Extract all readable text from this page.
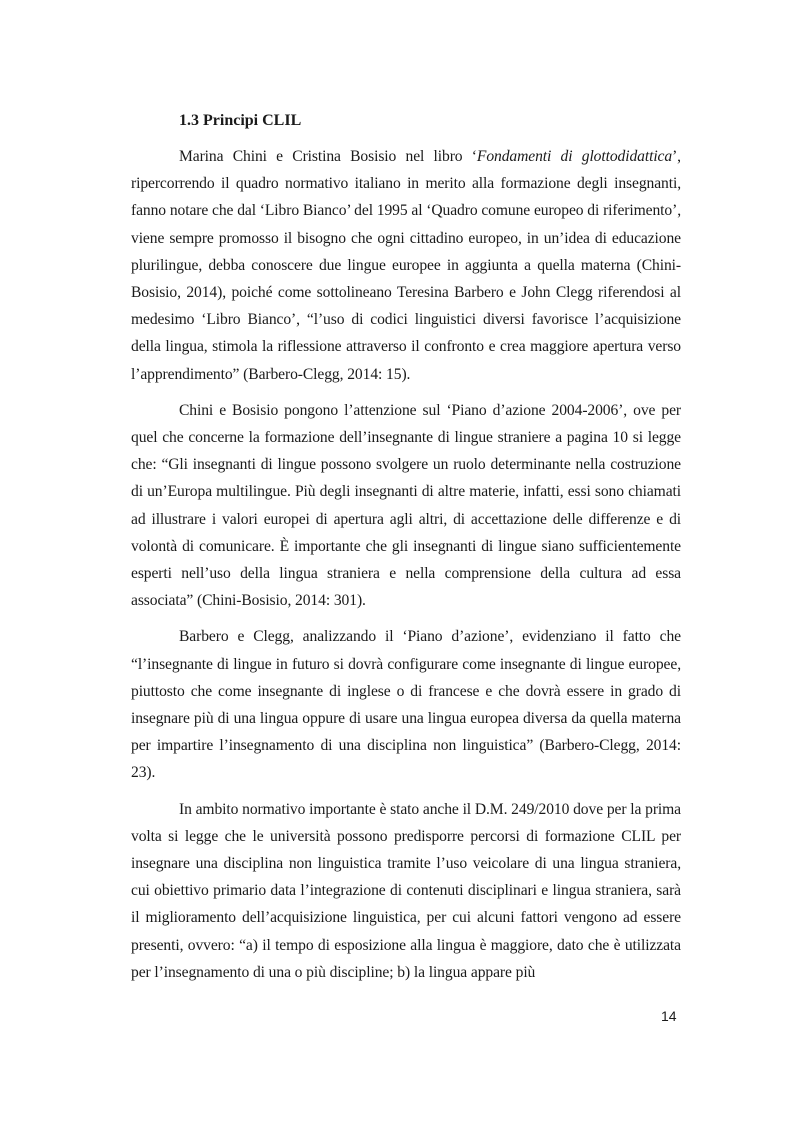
1.3 Principi CLIL

Marina Chini e Cristina Bosisio nel libro ‘Fondamenti di glottodidattica’, ripercorrendo il quadro normativo italiano in merito alla formazione degli insegnanti, fanno notare che dal ‘Libro Bianco’ del 1995 al ‘Quadro comune europeo di riferimento’, viene sempre promosso il bisogno che ogni cittadino europeo, in un’idea di educazione plurilingue, debba conoscere due lingue europee in aggiunta a quella materna (Chini-Bosisio, 2014), poiché come sottolineano Teresina Barbero e John Clegg riferendosi al medesimo ‘Libro Bianco’, “l’uso di codici linguistici diversi favorisce l’acquisizione della lingua, stimola la riflessione attraverso il confronto e crea maggiore apertura verso l’apprendimento” (Barbero-Clegg, 2014: 15).

Chini e Bosisio pongono l’attenzione sul ‘Piano d’azione 2004-2006’, ove per quel che concerne la formazione dell’insegnante di lingue straniere a pagina 10 si legge che: “Gli insegnanti di lingue possono svolgere un ruolo determinante nella costruzione di un’Europa multilingue. Più degli insegnanti di altre materie, infatti, essi sono chiamati ad illustrare i valori europei di apertura agli altri, di accettazione delle differenze e di volontà di comunicare. È importante che gli insegnanti di lingue siano sufficientemente esperti nell’uso della lingua straniera e nella comprensione della cultura ad essa associata” (Chini-Bosisio, 2014: 301).

Barbero e Clegg, analizzando il ‘Piano d’azione’, evidenziano il fatto che “l’insegnante di lingue in futuro si dovrà configurare come insegnante di lingue europee, piuttosto che come insegnante di inglese o di francese e che dovrà essere in grado di insegnare più di una lingua oppure di usare una lingua europea diversa da quella materna per impartire l’insegnamento di una disciplina non linguistica” (Barbero-Clegg, 2014: 23).

In ambito normativo importante è stato anche il D.M. 249/2010 dove per la prima volta si legge che le università possono predisporre percorsi di formazione CLIL per insegnare una disciplina non linguistica tramite l’uso veicolare di una lingua straniera, cui obiettivo primario data l’integrazione di contenuti disciplinari e lingua straniera, sarà il miglioramento dell’acquisizione linguistica, per cui alcuni fattori vengono ad essere presenti, ovvero: “a) il tempo di esposizione alla lingua è maggiore, dato che è utilizzata per l’insegnamento di una o più discipline; b) la lingua appare più

14
